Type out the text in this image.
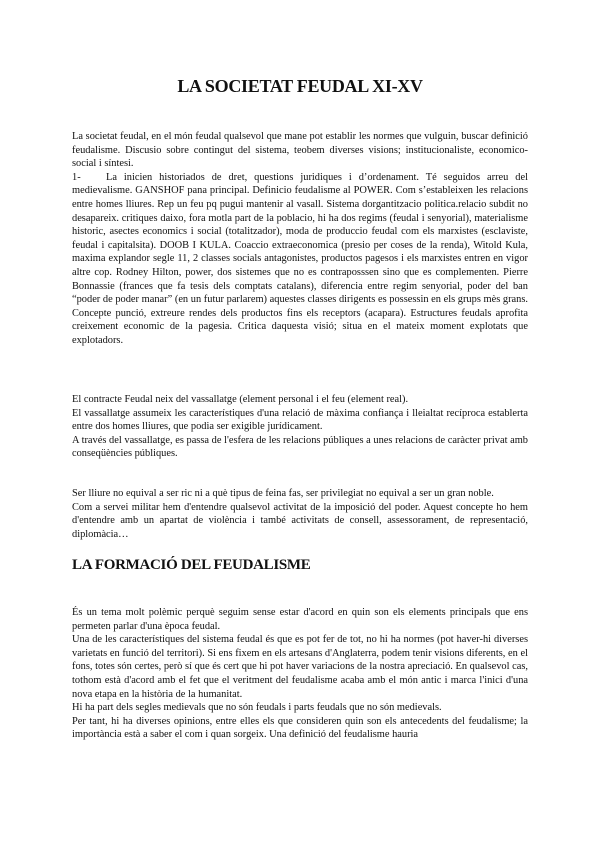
LA SOCIETAT FEUDAL XI-XV

La societat feudal, en el món feudal qualsevol que mane pot establir les normes que vulguin, buscar definició feudalisme. Discusio sobre contingut del sistema, teobem diverses visions; institucionaliste, economico-social i síntesi.

1- La inicien historiados de dret, questions juridiques i d’ordenament. Té seguidos arreu del medievalisme. GANSHOF pana principal. Definicio feudalisme al POWER. Com s’estableixen les relacions entre homes lliures. Rep un feu pq pugui mantenir al vasall. Sistema dorgantitzacio politica.relacio subdit no desapareix. critiques daixo, fora motla part de la poblacio, hi ha dos regims (feudal i senyorial), materialisme historic, asectes economics i social (totalitzador), moda de produccio feudal com els marxistes (esclaviste, feudal i capitalsita). DOOB I KULA. Coaccio extraeconomica (presio per coses de la renda), Witold Kula, maxima explandor segle 11, 2 classes socials antagonistes, productos pagesos i els marxistes entren en vigor altre cop. Rodney Hilton, power, dos sistemes que no es contraposssen sino que es complementen. Pierre Bonnassie (frances que fa tesis dels comptats catalans), diferencia entre regim senyorial, poder del ban “poder de poder manar” (en un futur parlarem) aquestes classes dirigents es possessin en els grups mès grans. Concepte punció, extreure rendes dels productos fins els receptors (acapara). Estructures feudals aprofita creixement economic de la pagesia. Critica daquesta visió; situa en el mateix moment explotats que explotadors.

El contracte Feudal neix del vassallatge (element personal i el feu (element real).

El vassallatge assumeix les característiques d'una relació de màxima confiança i lleialtat recíproca establerta entre dos homes lliures, que podia ser exigible jurídicament.

A través del vassallatge, es passa de l'esfera de les relacions públiques a unes relacions de caràcter privat amb conseqüències públiques.

Ser lliure no equival a ser ric ni a què tipus de feina fas, ser privilegiat no equival a ser un gran noble.

Com a servei militar hem d'entendre qualsevol activitat de la imposició del poder. Aquest concepte ho hem d'entendre amb un apartat de violència i també activitats de consell, assessorament, de representació, diplomàcia…

LA FORMACIÓ DEL FEUDALISME

És un tema molt polèmic perquè seguim sense estar d'acord en quin son els elements principals que ens permeten parlar d'una època feudal.

Una de les característiques del sistema feudal és que es pot fer de tot, no hi ha normes (pot haver-hi diverses varietats en funció del territori). Si ens fixem en els artesans d'Anglaterra, podem tenir visions diferents, en el fons, totes són certes, però sí que és cert que hi pot haver variacions de la nostra apreciació. En qualsevol cas, tothom està d'acord amb el fet que el veritment del feudalisme acaba amb el món antic i marca l'inici d'una nova etapa en la història de la humanitat.

Hi ha part dels segles medievals que no són feudals i parts feudals que no són medievals.

Per tant, hi ha diverses opinions, entre elles els que consideren quin son els antecedents del feudalisme; la importància està a saber el com i quan sorgeix. Una definició del feudalisme hauria
